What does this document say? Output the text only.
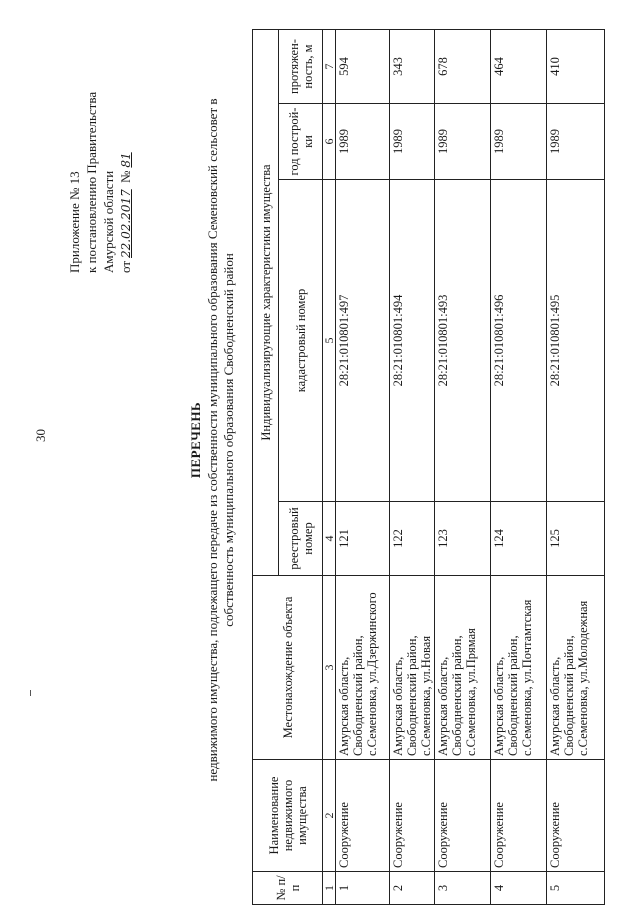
30
Приложение № 13 к постановлению Правительства Амурской области от22.02.2017 №81
ПЕРЕЧЕНЬ недвижимого имущества, подлежащего передаче из собственности муниципального образования Семеновский сельсовет в собственность муниципального образования Свободненский район
№ п/п	Наименование недвижимого имущества	Местонахождение объекта	Индивидуализирующие характеристики имущества			
			реестровый номер	кадастровый номер	год построй-ки	протяжен-ность, м
1	2	3	4	5	6	7
1	Сооружение	Амурская область, Свободненский район, с.Семеновка, ул.Дзержинского	121	28:21:010801:497	1989	594
2	Сооружение	Амурская область, Свободненский район, с.Семеновка, ул.Новая	122	28:21:010801:494	1989	343
3	Сооружение	Амурская область, Свободненский район, с.Семеновка, ул.Прямая	123	28:21:010801:493	1989	678
4	Сооружение	Амурская область, Свободненский район, с.Семеновка, ул.Почтамтская	124	28:21:010801:496	1989	464
5	Сооружение	Амурская область, Свободненский район, с.Семеновка, ул.Молодежная	125	28:21:010801:495	1989	410
